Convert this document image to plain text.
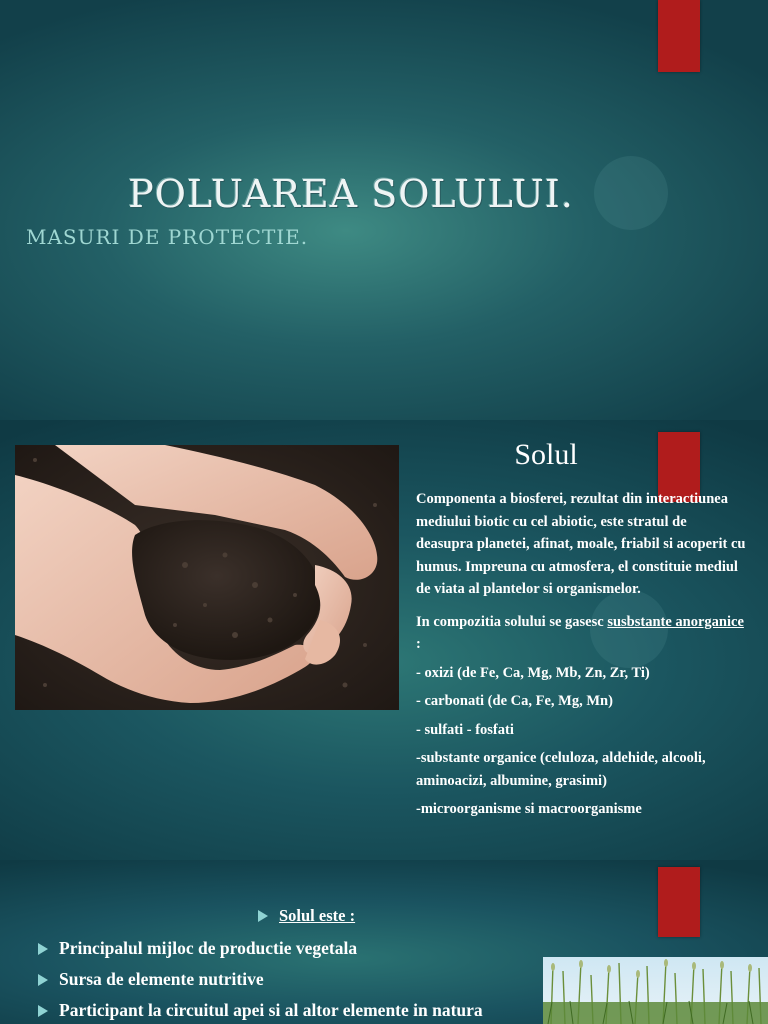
POLUAREA SOLULUI.
MASURI DE PROTECTIE.
Solul

Componenta a biosferei, rezultat din interactiunea mediului biotic cu cel abiotic, este stratul de deasupra planetei, afinat, moale, friabil si acoperit cu humus. Impreuna cu atmosfera, el constituie mediul de viata al plantelor si organismelor.

In compozitia solului se gasesc susbstante anorganice :

- oxizi (de Fe, Ca, Mg, Mb, Zn, Zr, Ti)

- carbonati (de Ca, Fe, Mg, Mn)

- sulfati - fosfati

-substante organice (celuloza, aldehide, alcooli, aminoacizi, albumine, grasimi)

-microorganisme si macroorganisme

Solul este :
Principalul mijloc de productie vegetala
Sursa de elemente nutritive
Participant la circuitul apei si al altor elemente in natura
